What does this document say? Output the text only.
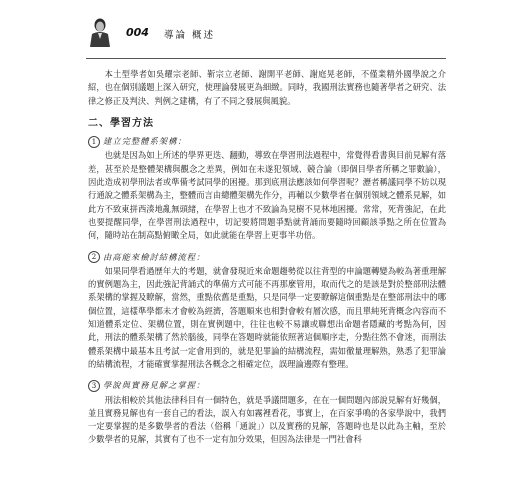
004 導論 概述

本土型學者如吳耀宗老師、靳宗立老師、謝開平老師、謝庭晃老師，不僅業精外國學說之介紹，也在個別議題上深入研究，使理論發展更為細緻。同時，我國刑法實務也隨著學者之研究、法律之修正及判決、判例之建構，有了不同之發展與風貌。

二、學習方法
1 建立完整體系架構：

也就是因為如上所述的學界更迭、翻動，導致在學習刑法過程中，常覺得看書與目前見解有落差，甚至於是整體架構與觀念之差異，例如在未遂犯領域、競合論（即個目學者所稱之罪數論），因此造成初學刑法者或準備考試同學的困擾。那到底刑法應該如何學習呢？瀝者稱議同學不妨以現行通說之體系架構為主，整體而言由總體架構先作分，再輔以少數學者在個別領域之體系見解，如此方不致東拼西湊地亂無頭緒，在學習上也才不致論為見樹不見林地困擾。常常，死背強記，在此也要提醒同學，在學習刑法過程中，切記要將問題爭點就背誦而要隨時回顧該爭點之所在位置為何，隨時站在制高點俯瞰全局，如此就能在學習上更事半功倍。

2 由高能來檢討結構流程：

如果同學看過歷年大的考題，就會發現近來命題趨勢從以往背型的申論題轉變為較為著重理解的實例題為主，因此強記背誦式的準備方式可能不再那麼管用，取而代之的是該是對於整部刑法體系架構的掌握及瞭解，當然，重點依舊是重點，只是同學一定要瞭解這個重點是在整部刑法中的哪個位置，這樣準學都未才會較為經濟，答題順來也相對會較有層次感，而且單純死背概念內容而不知道體系定位、架構位置，則在實例題中，往往也較不易讓或聯想出命題者隱藏的考點為何，因此，刑法的體系架構了然於腦後，同學在答題時就能依照著這個順序走，分點往然不會迷，而刑法體系架構中最基本且考試一定會用到的，就是犯罪論的結構流程，需如徹量理解熟，熟悉了犯罪論的結構流程，才能確實掌握刑法各概念之相確定位，誤理論邊際有整理。

3 學說與實務見解之掌握：

刑法相較於其他法律科目有一個特色，就是爭議問題多，在在一個問題內部說見解有好幾個，並且實務見解也有一套自己的看法，誤入有如霧裡看花，事實上，在百家爭鳴的各家學說中，我們一定要掌握的是多數學者的看法（俗稱「通說」）以及實務的見解，答題時也是以此為主軸，至於少數學者的見解，其實有了也不一定有加分效果，但因為法律是一門社會科
